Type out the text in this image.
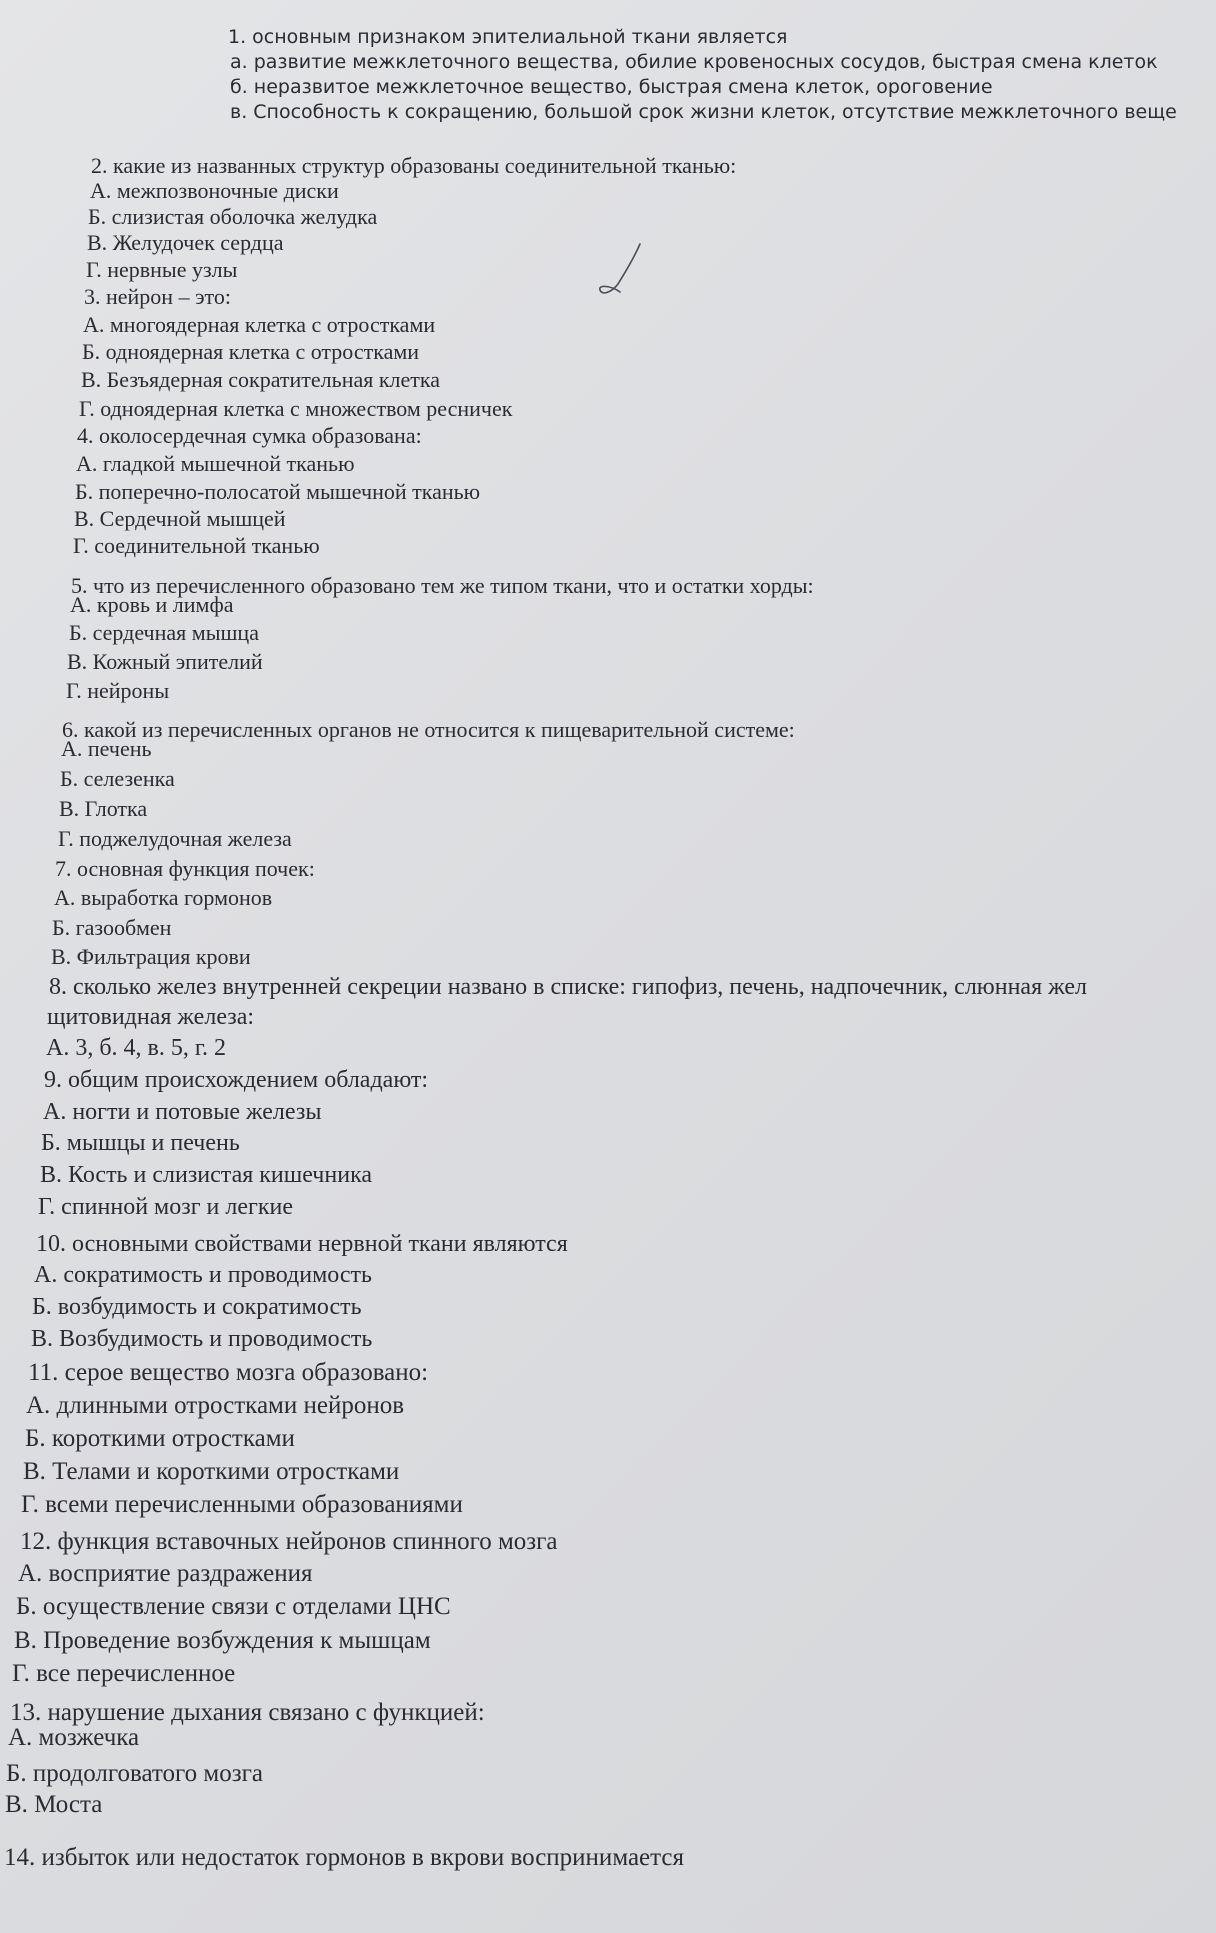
1. основным признаком эпителиальной ткани является
а. развитие межклеточного вещества, обилие кровеносных сосудов, быстрая смена клеток
б. неразвитое межклеточное вещество, быстрая смена клеток, ороговение
в. Способность к сокращению, большой срок жизни клеток, отсутствие межклеточного веще
2. какие из названных структур образованы соединительной тканью:
А. межпозвоночные диски
Б. слизистая оболочка желудка
В. Желудочек сердца
Г. нервные узлы
3. нейрон – это:
А. многоядерная клетка с отростками
Б. одноядерная клетка с отростками
В. Безъядерная сократительная клетка
Г. одноядерная клетка с множеством ресничек
4. околосердечная сумка образована:
А. гладкой мышечной тканью
Б. поперечно-полосатой мышечной тканью
В. Сердечной мышцей
Г. соединительной тканью
5. что из перечисленного образовано тем же типом ткани, что и остатки хорды:
А. кровь и лимфа
Б. сердечная мышца
В. Кожный эпителий
Г. нейроны
6. какой из перечисленных органов не относится к пищеварительной системе:
А. печень
Б. селезенка
В. Глотка
Г. поджелудочная железа
7. основная функция почек:
А. выработка гормонов
Б. газообмен
В. Фильтрация крови
8. сколько желез внутренней секреции названо в списке: гипофиз, печень, надпочечник, слюнная жел
щитовидная железа:
А. 3, б. 4, в. 5, г. 2
9. общим происхождением обладают:
А. ногти и потовые железы
Б. мышцы и печень
В. Кость и слизистая кишечника
Г. спинной мозг и легкие
10. основными свойствами нервной ткани являются
А. сократимость и проводимость
Б. возбудимость и сократимость
В. Возбудимость и проводимость
11. серое вещество мозга образовано:
А. длинными отростками нейронов
Б. короткими отростками
В. Телами и короткими отростками
Г. всеми перечисленными образованиями
12. функция вставочных нейронов спинного мозга
А. восприятие раздражения
Б. осуществление связи с отделами ЦНС
В. Проведение возбуждения к мышцам
Г. все перечисленное
13. нарушение дыхания связано с функцией:
А. мозжечка
Б. продолговатого мозга
В. Моста
14. избыток или недостаток гормонов в вкрови воспринимается
